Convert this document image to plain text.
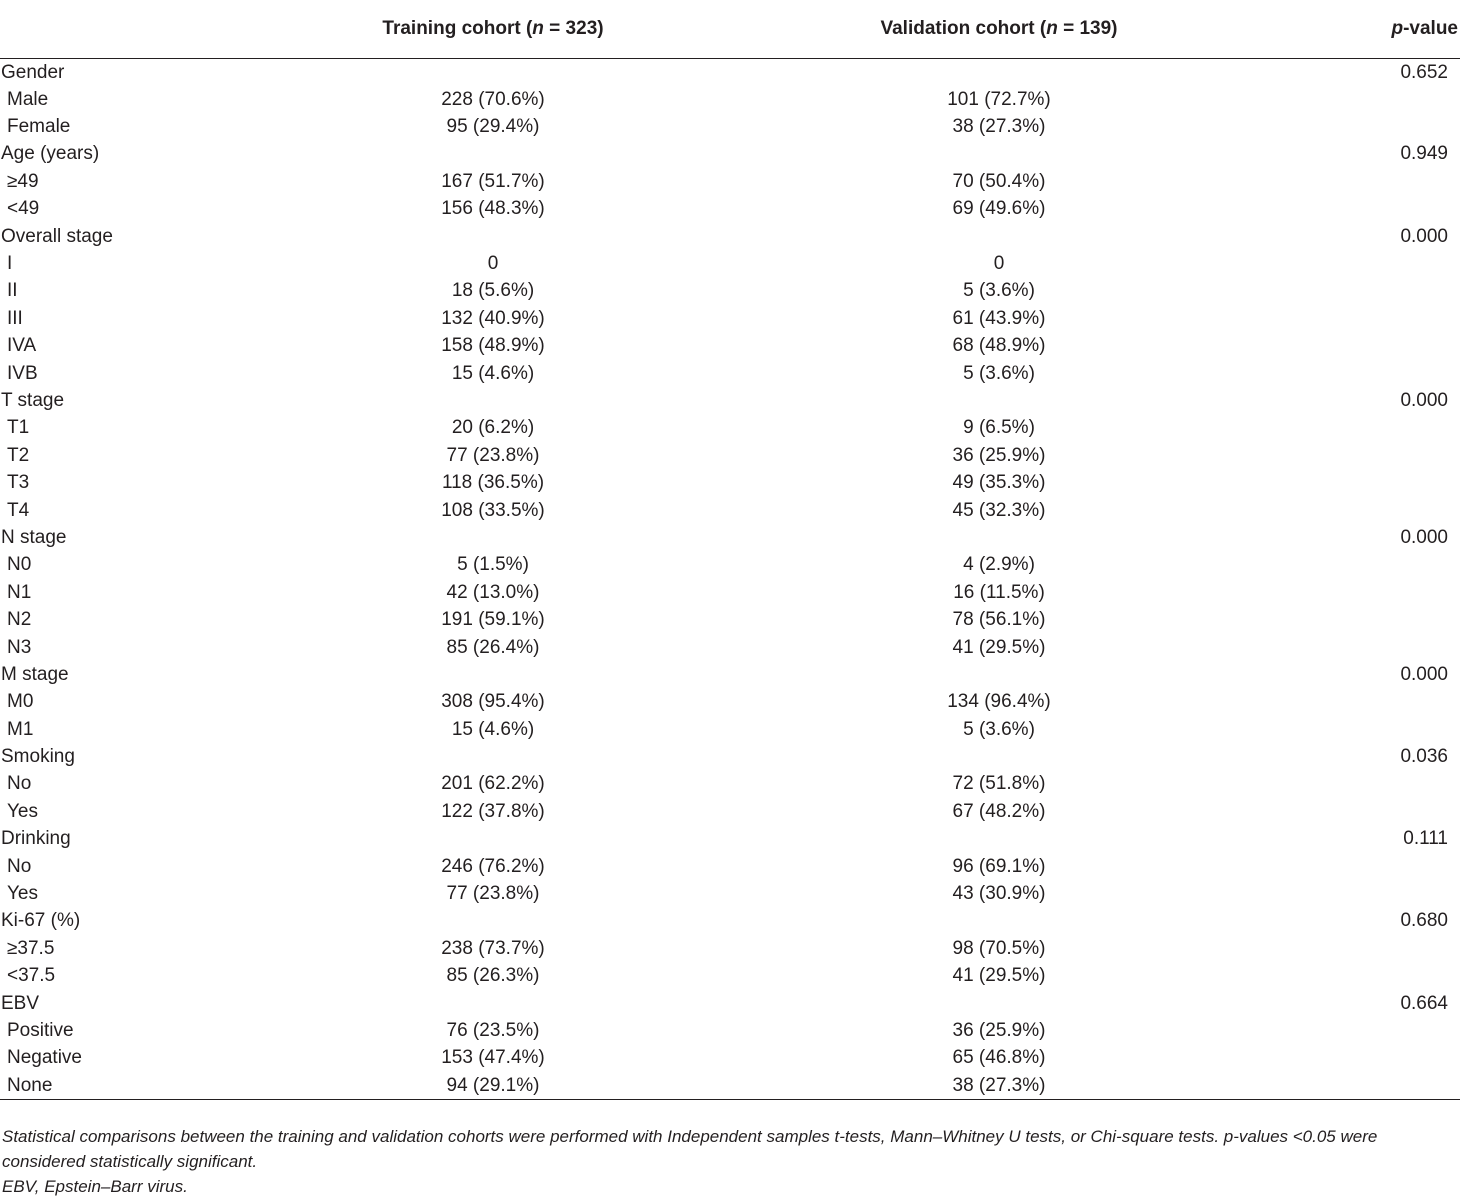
	Training cohort (n = 323)	Validation cohort (n = 139)	p-value
Gender			0.652
Male	228 (70.6%)	101 (72.7%)	
Female	95 (29.4%)	38 (27.3%)	
Age (years)			0.949
≥49	167 (51.7%)	70 (50.4%)	
<49	156 (48.3%)	69 (49.6%)	
Overall stage			0.000
I	0	0	
II	18 (5.6%)	5 (3.6%)	
III	132 (40.9%)	61 (43.9%)	
IVA	158 (48.9%)	68 (48.9%)	
IVB	15 (4.6%)	5 (3.6%)	
T stage			0.000
T1	20 (6.2%)	9 (6.5%)	
T2	77 (23.8%)	36 (25.9%)	
T3	118 (36.5%)	49 (35.3%)	
T4	108 (33.5%)	45 (32.3%)	
N stage			0.000
N0	5 (1.5%)	4 (2.9%)	
N1	42 (13.0%)	16 (11.5%)	
N2	191 (59.1%)	78 (56.1%)	
N3	85 (26.4%)	41 (29.5%)	
M stage			0.000
M0	308 (95.4%)	134 (96.4%)	
M1	15 (4.6%)	5 (3.6%)	
Smoking			0.036
No	201 (62.2%)	72 (51.8%)	
Yes	122 (37.8%)	67 (48.2%)	
Drinking			0.111
No	246 (76.2%)	96 (69.1%)	
Yes	77 (23.8%)	43 (30.9%)	
Ki-67 (%)			0.680
≥37.5	238 (73.7%)	98 (70.5%)	
<37.5	85 (26.3%)	41 (29.5%)	
EBV			0.664
Positive	76 (23.5%)	36 (25.9%)	
Negative	153 (47.4%)	65 (46.8%)	
None	94 (29.1%)	38 (27.3%)	

Statistical comparisons between the training and validation cohorts were performed with Independent samples t-tests, Mann–Whitney U tests, or Chi-square tests. p-values <0.05 were considered statistically significant.

EBV, Epstein–Barr virus.
